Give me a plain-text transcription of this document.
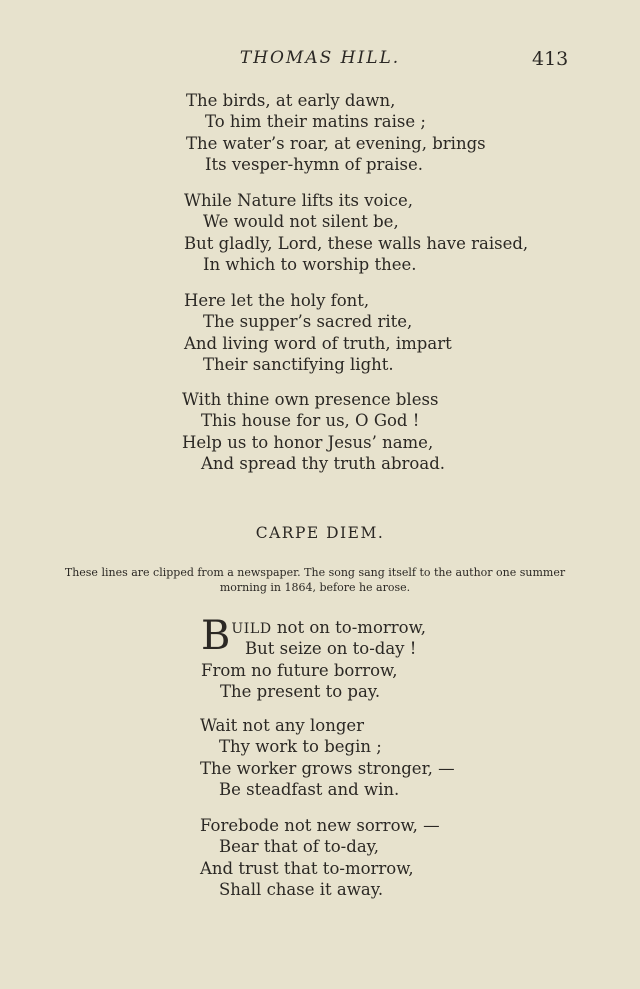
THOMAS HILL.	413
The birds, at early dawn,
To him their matins raise ;
The water’s roar, at evening, brings
Its vesper-hymn of praise.
While Nature lifts its voice,
We would not silent be,
But gladly, Lord, these walls have raised,
In which to worship thee.
Here let the holy font,
The supper’s sacred rite,
And living word of truth, impart
Their sanctifying light.
With thine own presence bless
This house for us, O God !
Help us to honor Jesus’ name,
And spread thy truth abroad.
CARPE DIEM.
These lines are clipped from a newspaper. The song sang itself to the author one summer
morning in 1864, before he arose.
BUILD not on to-morrow,
But seize on to-day !
From no future borrow,
The present to pay.
Wait not any longer
Thy work to begin ;
The worker grows stronger, —
Be steadfast and win.
Forebode not new sorrow, —
Bear that of to-day,
And trust that to-morrow,
Shall chase it away.
